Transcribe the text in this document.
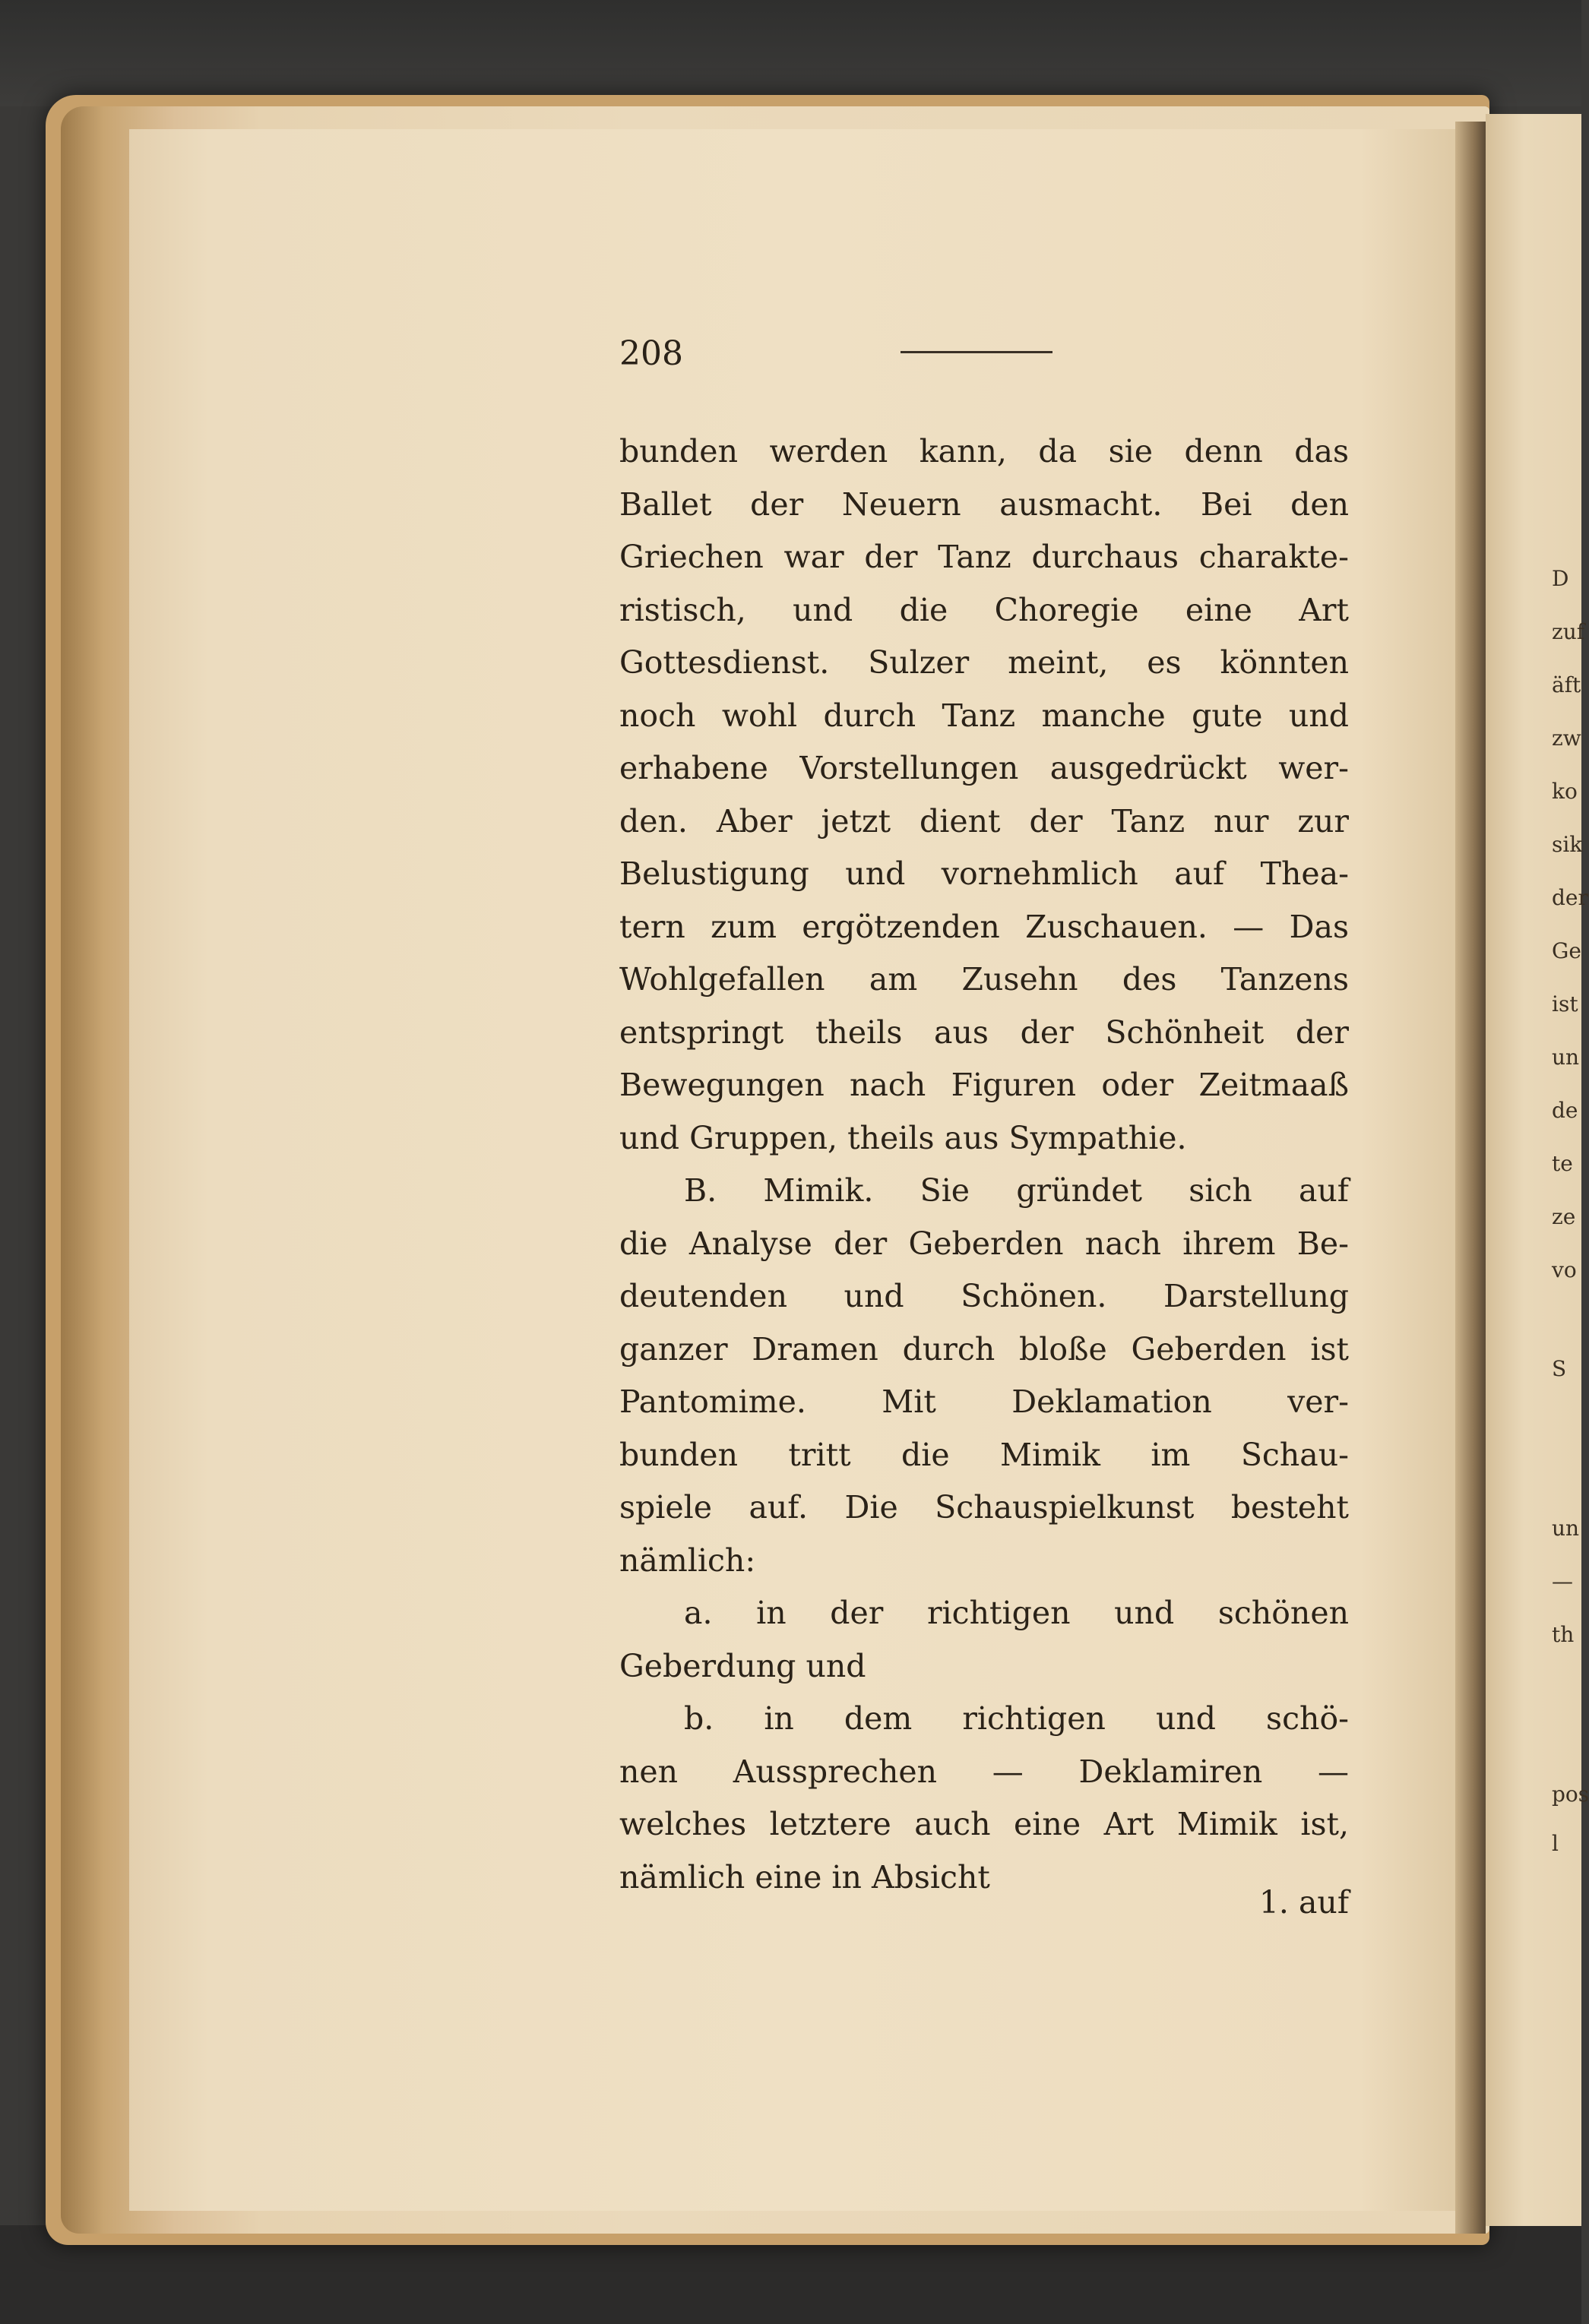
208
bunden werden kann, da sie denn das
Ballet der Neuern ausmacht. Bei den
Griechen war der Tanz durchaus charakte-
ristisch, und die Choregie eine Art
Gottesdienst. Sulzer meint, es könnten
noch wohl durch Tanz manche gute und
erhabene Vorstellungen ausgedrückt wer-
den. Aber jetzt dient der Tanz nur zur
Belustigung und vornehmlich auf Thea-
tern zum ergötzenden Zuschauen. — Das
Wohlgefallen am Zusehn des Tanzens
entspringt theils aus der Schönheit der
Bewegungen nach Figuren oder Zeitmaaß
und Gruppen, theils aus Sympathie.
B. Mimik. Sie gründet sich auf
die Analyse der Geberden nach ihrem Be-
deutenden und Schönen. Darstellung
ganzer Dramen durch bloße Geberden ist
Pantomime. Mit Deklamation ver-
bunden tritt die Mimik im Schau-
spiele auf. Die Schauspielkunst besteht
nämlich:
a. in der richtigen und schönen
Geberdung und
b. in dem richtigen und schö-
nen Aussprechen — Deklamiren —
welches letztere auch eine Art Mimik ist,
nämlich eine in Absicht
1. auf
D
zuf
äft
zw
ko
sik
der
Ge
ist
un
de
te
ze
vo
S
un
—
th
pos
l
